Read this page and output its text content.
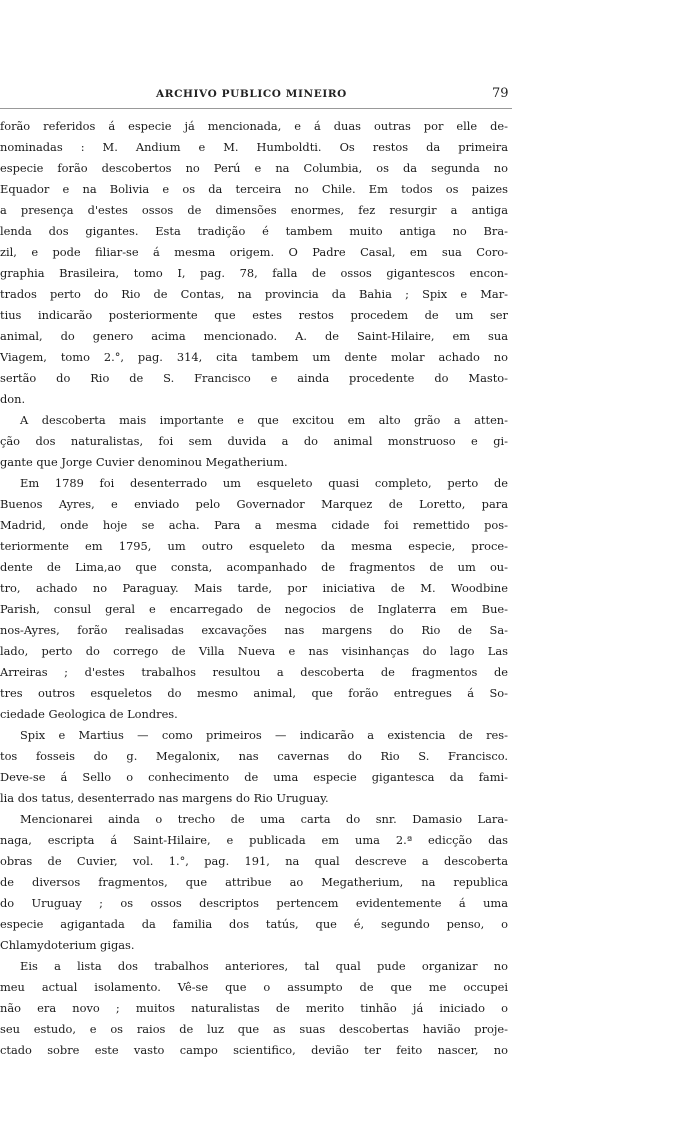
ARCHIVO PUBLICO MINEIRO	79
forão referidos á especie já mencionada, e á duas outras por elle de-
nominadas : M. Andium e M. Humboldti. Os restos da primeira
especie forão descobertos no Perú e na Columbia, os da segunda no
Equador e na Bolivia e os da terceira no Chile. Em todos os paizes
a presença d'estes ossos de dimensões enormes, fez resurgir a antiga
lenda dos gigantes. Esta tradição é tambem muito antiga no Bra-
zil, e pode filiar-se á mesma origem. O Padre Casal, em sua Coro-
graphia Brasileira, tomo I, pag. 78, falla de ossos gigantescos encon-
trados perto do Rio de Contas, na provincia da Bahia ; Spix e Mar-
tius indicarão posteriormente que estes restos procedem de um ser
animal, do genero acima mencionado. A. de Saint-Hilaire, em sua
Viagem, tomo 2.°, pag. 314, cita tambem um dente molar achado no
sertão do Rio de S. Francisco e ainda procedente do Masto-
don.
A descoberta mais importante e que excitou em alto grão a atten-
ção dos naturalistas, foi sem duvida a do animal monstruoso e gi-
gante que Jorge Cuvier denominou Megatherium.
Em 1789 foi desenterrado um esqueleto quasi completo, perto de
Buenos Ayres, e enviado pelo Governador Marquez de Loretto, para
Madrid, onde hoje se acha. Para a mesma cidade foi remettido pos-
teriormente em 1795, um outro esqueleto da mesma especie, proce-
dente de Lima,ao que consta, acompanhado de fragmentos de um ou-
tro, achado no Paraguay. Mais tarde, por iniciativa de M. Woodbine
Parish, consul geral e encarregado de negocios de Inglaterra em Bue-
nos-Ayres, forão realisadas excavações nas margens do Rio de Sa-
lado, perto do corrego de Villa Nueva e nas visinhanças do lago Las
Arreiras ; d'estes trabalhos resultou a descoberta de fragmentos de
tres outros esqueletos do mesmo animal, que forão entregues á So-
ciedade Geologica de Londres.
Spix e Martius — como primeiros — indicarão a existencia de res-
tos fosseis do g. Megalonix, nas cavernas do Rio S. Francisco.
Deve-se á Sello o conhecimento de uma especie gigantesca da fami-
lia dos tatus, desenterrado nas margens do Rio Uruguay.
Mencionarei ainda o trecho de uma carta do snr. Damasio Lara-
naga, escripta á Saint-Hilaire, e publicada em uma 2.ª edicção das
obras de Cuvier, vol. 1.°, pag. 191, na qual descreve a descoberta
de diversos fragmentos, que attribue ao Megatherium, na republica
do Uruguay ; os ossos descriptos pertencem evidentemente á uma
especie agigantada da familia dos tatús, que é, segundo penso, o
Chlamydoterium gigas.
Eis a lista dos trabalhos anteriores, tal qual pude organizar no
meu actual isolamento. Vê-se que o assumpto de que me occupei
não era novo ; muitos naturalistas de merito tinhão já iniciado o
seu estudo, e os raios de luz que as suas descobertas havião proje-
ctado sobre este vasto campo scientifico, devião ter feito nascer, no
